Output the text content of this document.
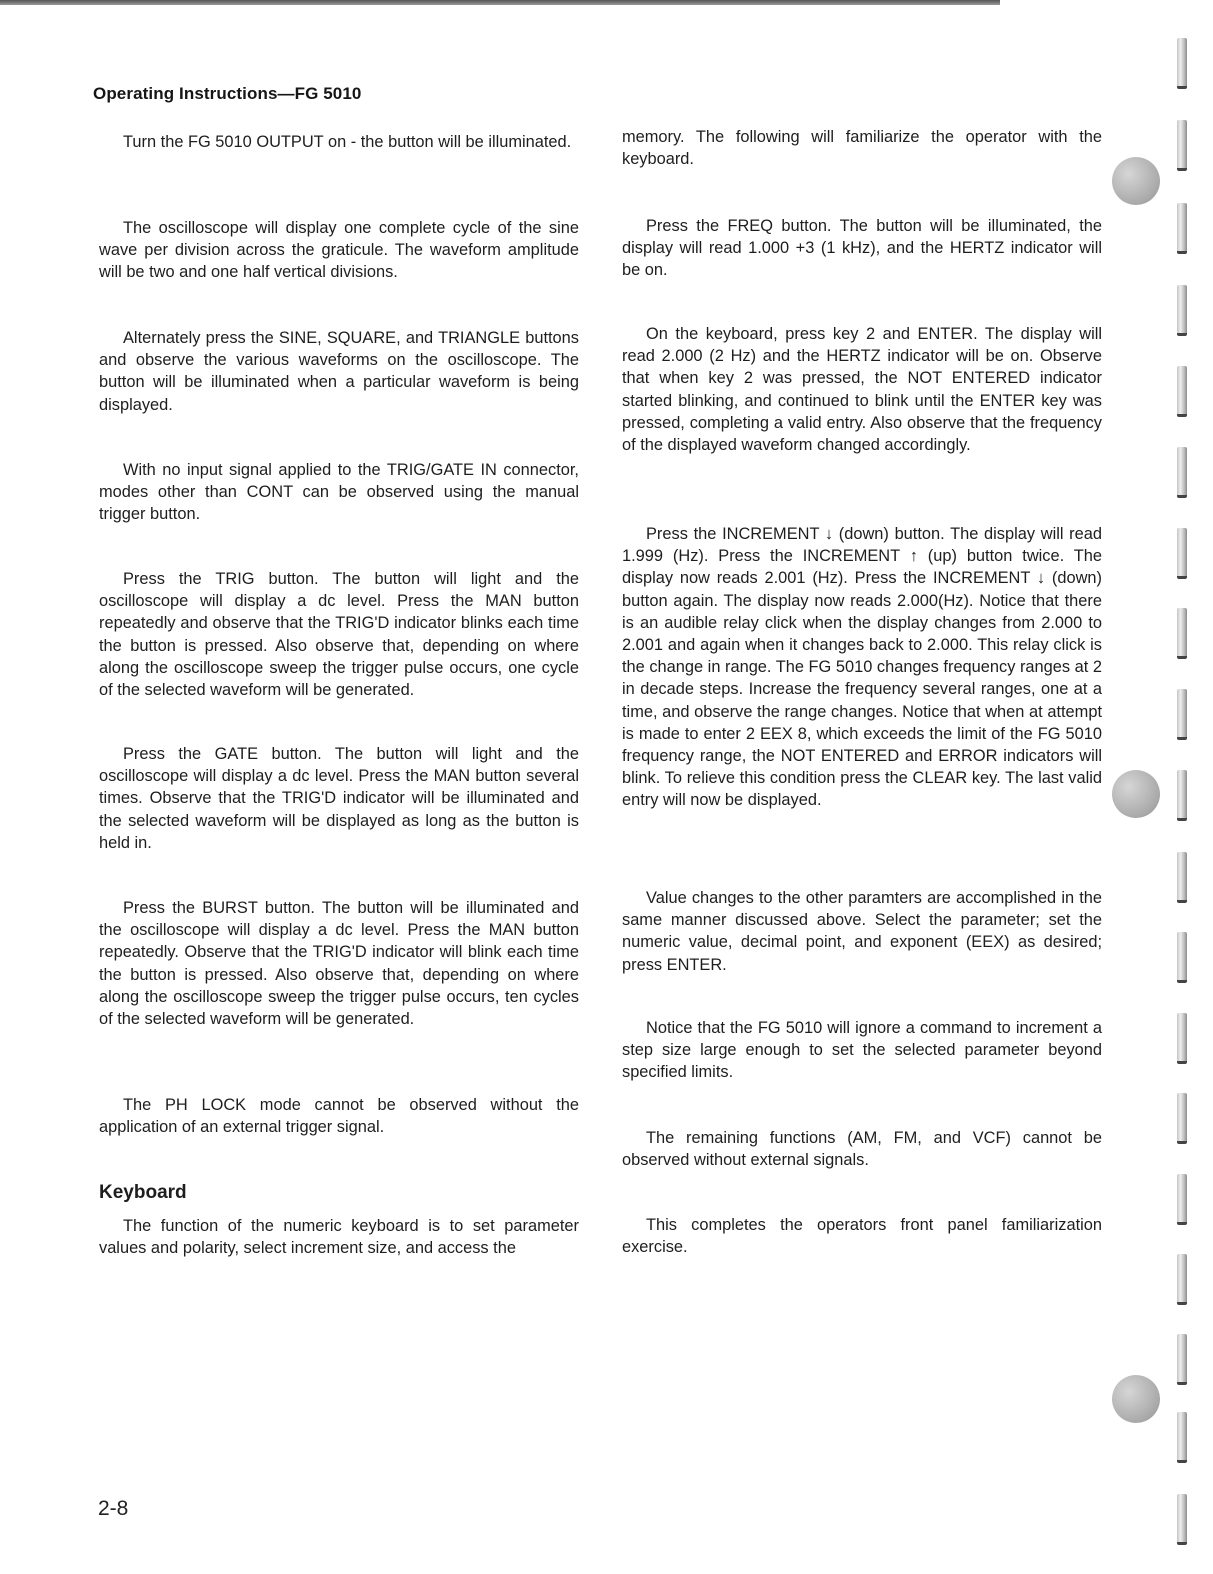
Operating Instructions—FG 5010

Turn the FG 5010 OUTPUT on - the button will be illuminated.

The oscilloscope will display one complete cycle of the sine wave per division across the graticule. The waveform amplitude will be two and one half vertical divisions.

Alternately press the SINE, SQUARE, and TRIANGLE buttons and observe the various waveforms on the oscilloscope. The button will be illuminated when a particular waveform is being displayed.

With no input signal applied to the TRIG/GATE IN connector, modes other than CONT can be observed using the manual trigger button.

Press the TRIG button. The button will light and the oscilloscope will display a dc level. Press the MAN button repeatedly and observe that the TRIG'D indicator blinks each time the button is pressed. Also observe that, depending on where along the oscilloscope sweep the trigger pulse occurs, one cycle of the selected waveform will be generated.

Press the GATE button. The button will light and the oscilloscope will display a dc level. Press the MAN button several times. Observe that the TRIG'D indicator will be illuminated and the selected waveform will be displayed as long as the button is held in.

Press the BURST button. The button will be illuminated and the oscilloscope will display a dc level. Press the MAN button repeatedly. Observe that the TRIG'D indicator will blink each time the button is pressed. Also observe that, depending on where along the oscilloscope sweep the trigger pulse occurs, ten cycles of the selected waveform will be generated.

The PH LOCK mode cannot be observed without the application of an external trigger signal.

Keyboard

The function of the numeric keyboard is to set parameter values and polarity, select increment size, and access the

memory. The following will familiarize the operator with the keyboard.

Press the FREQ button. The button will be illuminated, the display will read 1.000 +3 (1 kHz), and the HERTZ indicator will be on.

On the keyboard, press key 2 and ENTER. The display will read 2.000 (2 Hz) and the HERTZ indicator will be on. Observe that when key 2 was pressed, the NOT ENTERED indicator started blinking, and continued to blink until the ENTER key was pressed, completing a valid entry. Also observe that the frequency of the displayed waveform changed accordingly.

Press the INCREMENT ↓ (down) button. The display will read 1.999 (Hz). Press the INCREMENT ↑ (up) button twice. The display now reads 2.001 (Hz). Press the INCREMENT ↓ (down) button again. The display now reads 2.000(Hz). Notice that there is an audible relay click when the display changes from 2.000 to 2.001 and again when it changes back to 2.000. This relay click is the change in range. The FG 5010 changes frequency ranges at 2 in decade steps. Increase the frequency several ranges, one at a time, and observe the range changes. Notice that when at attempt is made to enter 2 EEX 8, which exceeds the limit of the FG 5010 frequency range, the NOT ENTERED and ERROR indicators will blink. To relieve this condition press the CLEAR key. The last valid entry will now be displayed.

Value changes to the other paramters are accomplished in the same manner discussed above. Select the parameter; set the numeric value, decimal point, and exponent (EEX) as desired; press ENTER.

Notice that the FG 5010 will ignore a command to increment a step size large enough to set the selected parameter beyond specified limits.

The remaining functions (AM, FM, and VCF) cannot be observed without external signals.

This completes the operators front panel familiarization exercise.

2-8
